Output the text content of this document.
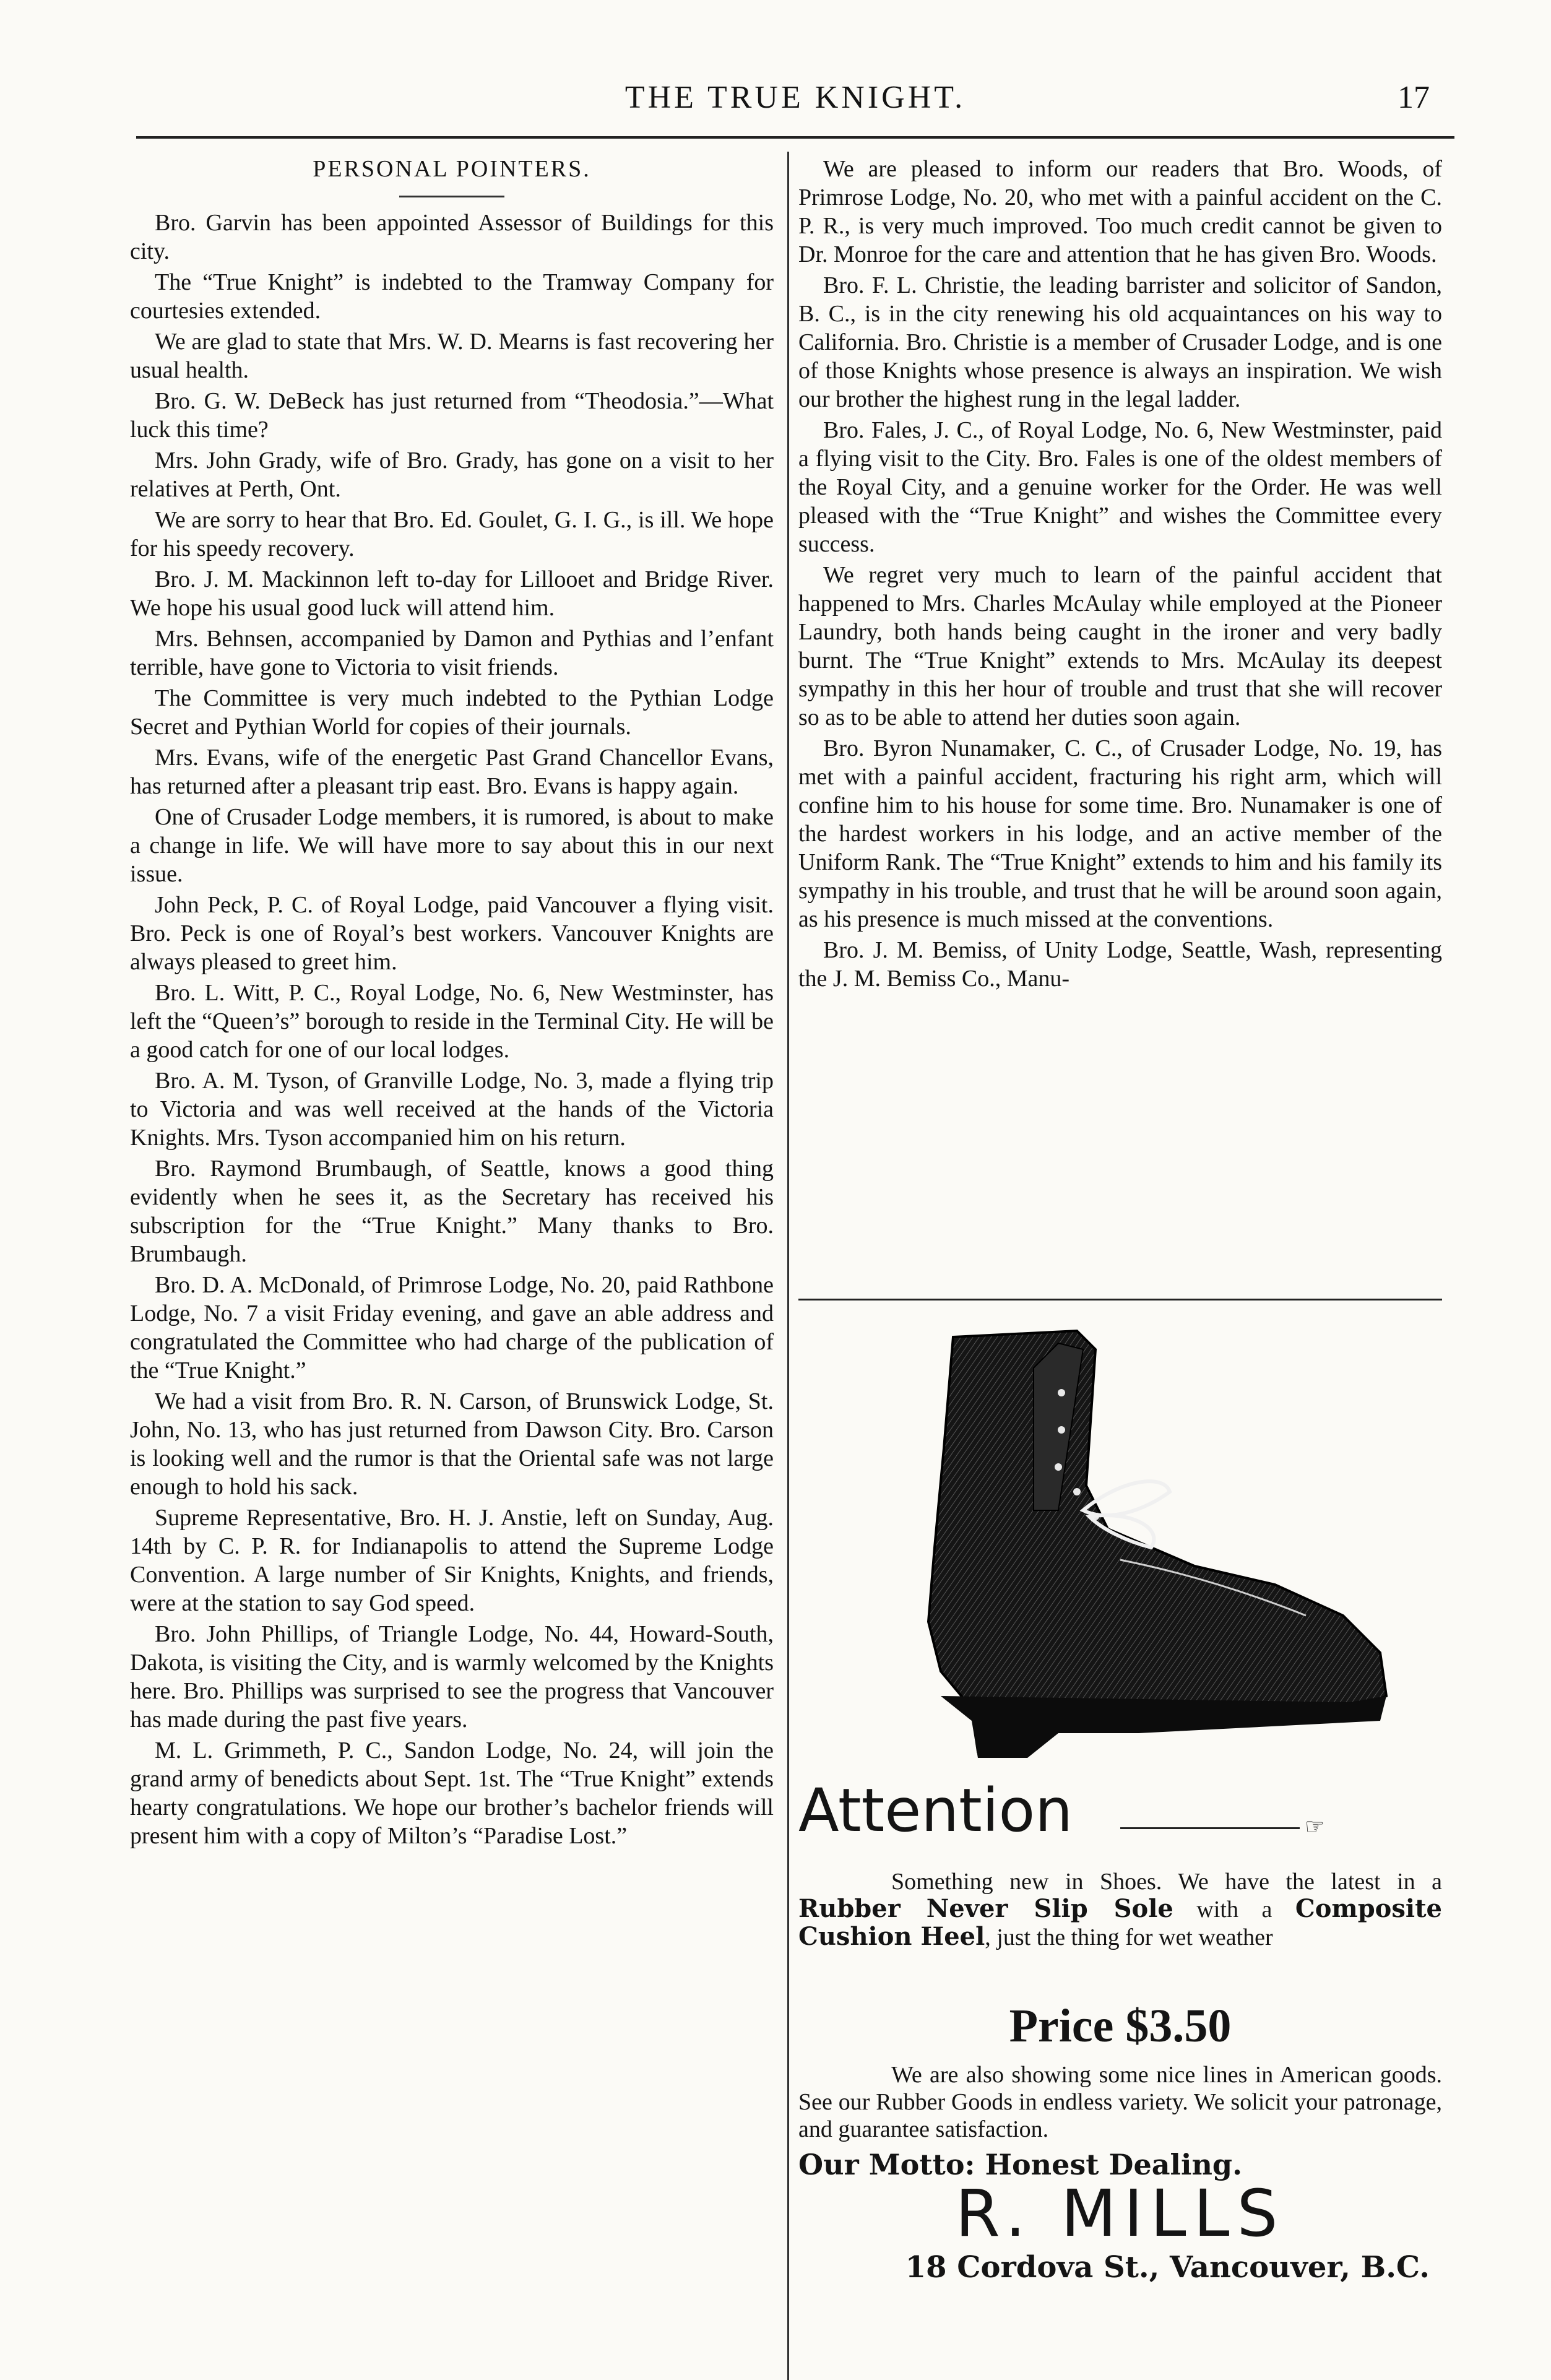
THE TRUE KNIGHT.	17
PERSONAL POINTERS.

Bro. Garvin has been appointed Assessor of Buildings for this city.

The “True Knight” is indebted to the Tramway Company for courtesies extended.

We are glad to state that Mrs. W. D. Mearns is fast recovering her usual health.

Bro. G. W. DeBeck has just returned from “Theodosia.”—What luck this time?

Mrs. John Grady, wife of Bro. Grady, has gone on a visit to her relatives at Perth, Ont.

We are sorry to hear that Bro. Ed. Goulet, G. I. G., is ill. We hope for his speedy recovery.

Bro. J. M. Mackinnon left to-day for Lillooet and Bridge River. We hope his usual good luck will attend him.

Mrs. Behnsen, accompanied by Damon and Pythias and l’enfant terrible, have gone to Victoria to visit friends.

The Committee is very much indebted to the Pythian Lodge Secret and Pythian World for copies of their journals.

Mrs. Evans, wife of the energetic Past Grand Chancellor Evans, has returned after a pleasant trip east. Bro. Evans is happy again.

One of Crusader Lodge members, it is rumored, is about to make a change in life. We will have more to say about this in our next issue.

John Peck, P. C. of Royal Lodge, paid Vancouver a flying visit. Bro. Peck is one of Royal’s best workers. Vancouver Knights are always pleased to greet him.

Bro. L. Witt, P. C., Royal Lodge, No. 6, New Westminster, has left the “Queen’s” borough to reside in the Terminal City. He will be a good catch for one of our local lodges.

Bro. A. M. Tyson, of Granville Lodge, No. 3, made a flying trip to Victoria and was well received at the hands of the Victoria Knights. Mrs. Tyson accompanied him on his return.

Bro. Raymond Brumbaugh, of Seattle, knows a good thing evidently when he sees it, as the Secretary has received his subscription for the “True Knight.” Many thanks to Bro. Brumbaugh.

Bro. D. A. McDonald, of Primrose Lodge, No. 20, paid Rathbone Lodge, No. 7 a visit Friday evening, and gave an able address and congratulated the Committee who had charge of the publication of the “True Knight.”

We had a visit from Bro. R. N. Carson, of Brunswick Lodge, St. John, No. 13, who has just returned from Dawson City. Bro. Carson is looking well and the rumor is that the Oriental safe was not large enough to hold his sack.

Supreme Representative, Bro. H. J. Anstie, left on Sunday, Aug. 14th by C. P. R. for Indianapolis to attend the Supreme Lodge Convention. A large number of Sir Knights, Knights, and friends, were at the station to say God speed.

Bro. John Phillips, of Triangle Lodge, No. 44, Howard-South, Dakota, is visiting the City, and is warmly welcomed by the Knights here. Bro. Phillips was surprised to see the progress that Vancouver has made during the past five years.

M. L. Grimmeth, P. C., Sandon Lodge, No. 24, will join the grand army of benedicts about Sept. 1st. The “True Knight” extends hearty congratulations. We hope our brother’s bachelor friends will present him with a copy of Milton’s “Paradise Lost.”

We are pleased to inform our readers that Bro. Woods, of Primrose Lodge, No. 20, who met with a painful accident on the C. P. R., is very much improved. Too much credit cannot be given to Dr. Monroe for the care and attention that he has given Bro. Woods.

Bro. F. L. Christie, the leading barrister and solicitor of Sandon, B. C., is in the city renewing his old acquaintances on his way to California. Bro. Christie is a member of Crusader Lodge, and is one of those Knights whose presence is always an inspiration. We wish our brother the highest rung in the legal ladder.

Bro. Fales, J. C., of Royal Lodge, No. 6, New Westminster, paid a flying visit to the City. Bro. Fales is one of the oldest members of the Royal City, and a genuine worker for the Order. He was well pleased with the “True Knight” and wishes the Committee every success.

We regret very much to learn of the painful accident that happened to Mrs. Charles McAulay while employed at the Pioneer Laundry, both hands being caught in the ironer and very badly burnt. The “True Knight” extends to Mrs. McAulay its deepest sympathy in this her hour of trouble and trust that she will recover so as to be able to attend her duties soon again.

Bro. Byron Nunamaker, C. C., of Crusader Lodge, No. 19, has met with a painful accident, fracturing his right arm, which will confine him to his house for some time. Bro. Nunamaker is one of the hardest workers in his lodge, and an active member of the Uniform Rank. The “True Knight” extends to him and his family its sympathy in his trouble, and trust that he will be around soon again, as his presence is much missed at the conventions.

Bro. J. M. Bemiss, of Unity Lodge, Seattle, Wash, representing the J. M. Bemiss Co., Manu-

Attention	☞

Something new in Shoes. We have the latest in a Rubber Never Slip Sole with a Composite Cushion Heel, just the thing for wet weather

Price $3.50

We are also showing some nice lines in American goods. See our Rubber Goods in endless variety. We solicit your patronage, and guarantee satisfaction.

Our Motto: Honest Dealing.
R. MILLS
18 Cordova St., Vancouver, B.C.
